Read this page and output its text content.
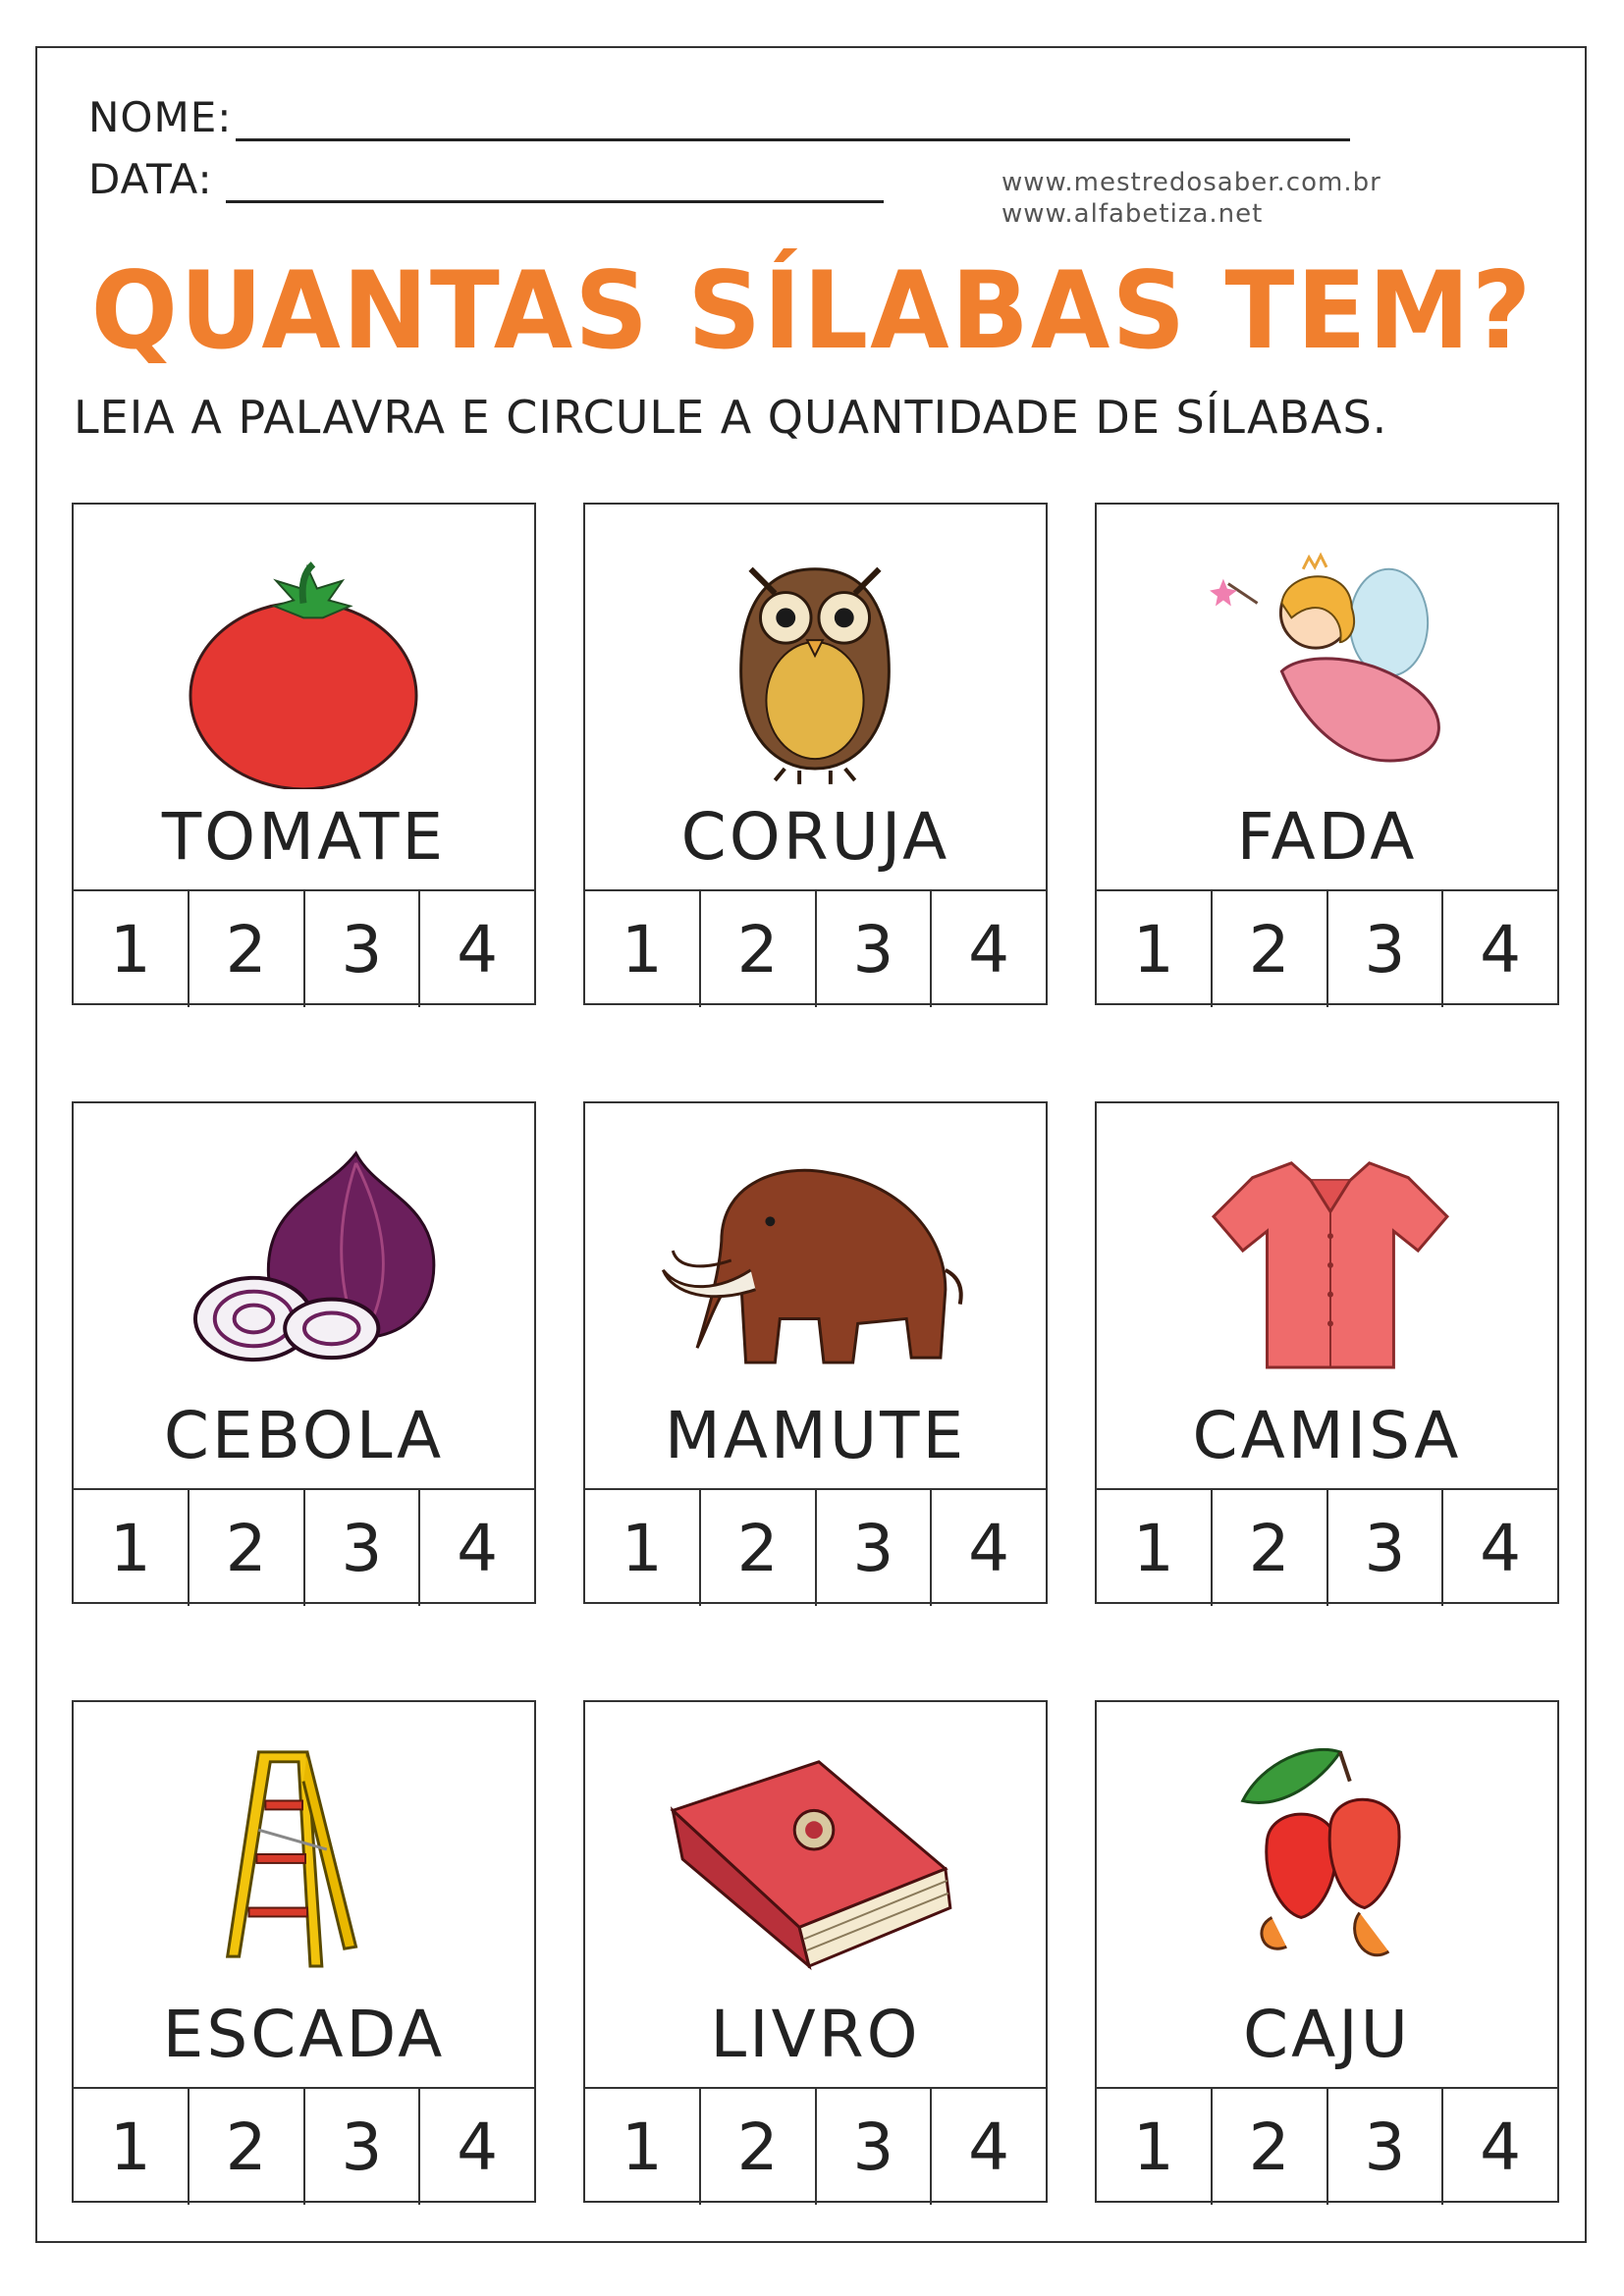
NOME:
DATA:	www.mestredosaber.com.br
www.alfabetiza.net
QUANTAS SÍLABAS TEM?
LEIA A PALAVRA E CIRCULE A QUANTIDADE DE SÍLABAS.
TOMATE
1	2	3	4
CORUJA
1	2	3	4
FADA
1	2	3	4
CEBOLA
1	2	3	4
MAMUTE
1	2	3	4
CAMISA
1	2	3	4
ESCADA
1	2	3	4
LIVRO
1	2	3	4
CAJU
1	2	3	4
